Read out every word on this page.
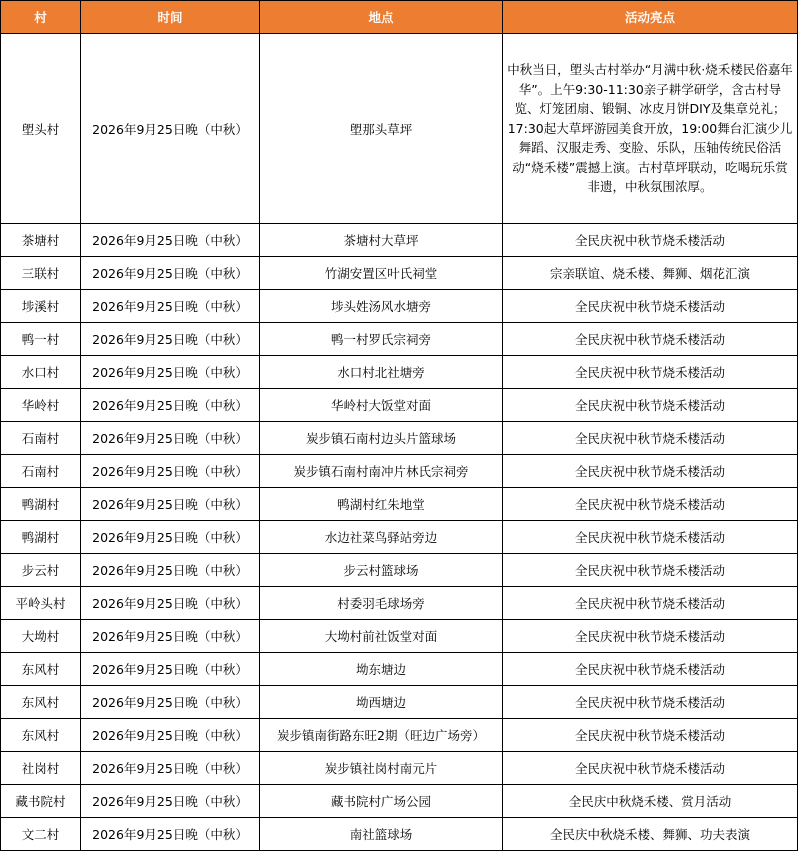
村	时间	地点	活动亮点
塱头村	2026年9月25日晚（中秋）	塱那头草坪	中秋当日，塱头古村举办“月满中秋·烧禾楼民俗嘉年华”。上午9:30-11:30亲子耕学研学，含古村导览、灯笼团扇、锻铜、冰皮月饼DIY及集章兑礼；17:30起大草坪游园美食开放，19:00舞台汇演少儿舞蹈、汉服走秀、变脸、乐队，压轴传统民俗活动“烧禾楼”震撼上演。古村草坪联动，吃喝玩乐赏非遗，中秋氛围浓厚。
茶塘村	2026年9月25日晚（中秋）	茶塘村大草坪	全民庆祝中秋节烧禾楼活动
三联村	2026年9月25日晚（中秋）	竹湖安置区叶氏祠堂	宗亲联谊、烧禾楼、舞狮、烟花汇演
埗溪村	2026年9月25日晚（中秋）	埗头姓汤风水塘旁	全民庆祝中秋节烧禾楼活动
鸭一村	2026年9月25日晚（中秋）	鸭一村罗氏宗祠旁	全民庆祝中秋节烧禾楼活动
水口村	2026年9月25日晚（中秋）	水口村北社塘旁	全民庆祝中秋节烧禾楼活动
华岭村	2026年9月25日晚（中秋）	华岭村大饭堂对面	全民庆祝中秋节烧禾楼活动
石南村	2026年9月25日晚（中秋）	炭步镇石南村边头片篮球场	全民庆祝中秋节烧禾楼活动
石南村	2026年9月25日晚（中秋）	炭步镇石南村南冲片林氏宗祠旁	全民庆祝中秋节烧禾楼活动
鸭湖村	2026年9月25日晚（中秋）	鸭湖村红朱地堂	全民庆祝中秋节烧禾楼活动
鸭湖村	2026年9月25日晚（中秋）	水边社菜鸟驿站旁边	全民庆祝中秋节烧禾楼活动
步云村	2026年9月25日晚（中秋）	步云村篮球场	全民庆祝中秋节烧禾楼活动
平岭头村	2026年9月25日晚（中秋）	村委羽毛球场旁	全民庆祝中秋节烧禾楼活动
大坳村	2026年9月25日晚（中秋）	大坳村前社饭堂对面	全民庆祝中秋节烧禾楼活动
东风村	2026年9月25日晚（中秋）	坳东塘边	全民庆祝中秋节烧禾楼活动
东风村	2026年9月25日晚（中秋）	坳西塘边	全民庆祝中秋节烧禾楼活动
东风村	2026年9月25日晚（中秋）	炭步镇南街路东旺2期（旺边广场旁）	全民庆祝中秋节烧禾楼活动
社岗村	2026年9月25日晚（中秋）	炭步镇社岗村南元片	全民庆祝中秋节烧禾楼活动
藏书院村	2026年9月25日晚（中秋）	藏书院村广场公园	全民庆中秋烧禾楼、赏月活动
文二村	2026年9月25日晚（中秋）	南社篮球场	全民庆中秋烧禾楼、舞狮、功夫表演
